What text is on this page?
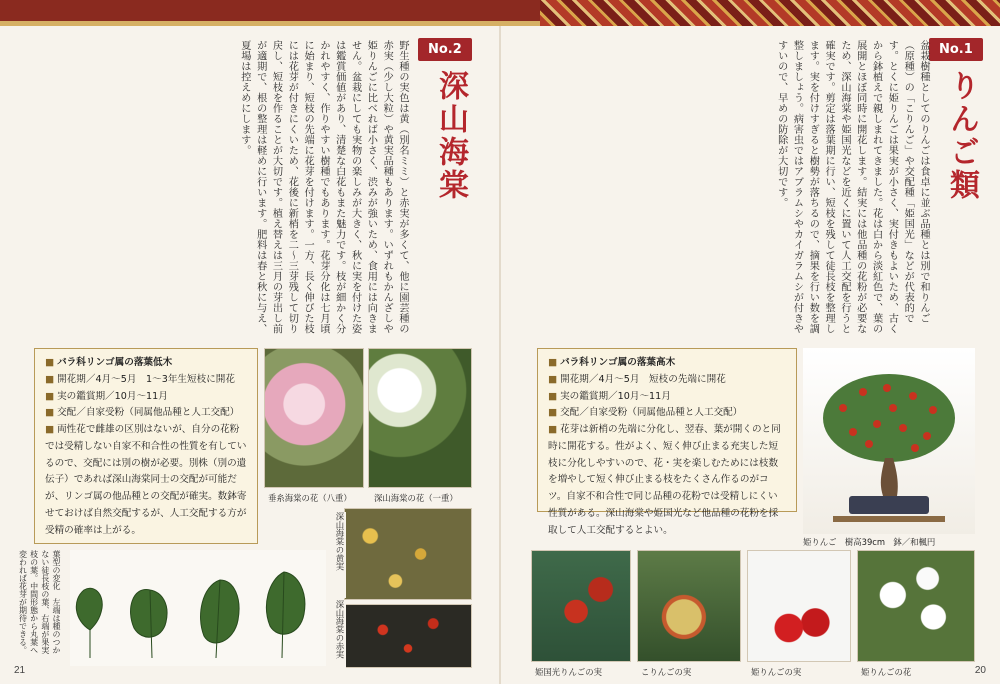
No.2
深山海棠
野生種の実色は黄（別名ミミ）と赤実が多くて、他に園芸種の赤実（少し大粒）や黄実品種もあります。いずれもかんざしや姫りんごに比べれば小さく、渋みが強いため、食用には向きません。盆栽にしても実物の楽しみが大きく、秋に実を付けた姿は鑑賞価値があり、清楚な白花もまた魅力です。枝が細かく分かれやすく、作りやすい樹種でもあります。花芽分化は七月頃に始まり、短枝の先端に花芽を付けます。一方、長く伸びた枝には花芽が付きにくいため、花後に新梢を二〜三芽残して切り戻し、短枝を作ることが大切です。植え替えは三月の芽出し前が適期で、根の整理は軽めに行います。肥料は春と秋に与え、夏場は控えめにします。
■ バラ科リンゴ属の落葉低木
■ 開花期／4月〜5月　1〜3年生短枝に開花
■ 実の鑑賞期／10月〜11月
■ 交配／自家受粉（同属他品種と人工交配）
■ 両性花で雌雄の区別はないが、自分の花粉では受精しない自家不和合性の性質を有しているので、交配には別の樹が必要。別株（別の遺伝子）であれば深山海棠同士の交配が可能だが、リンゴ属の他品種との交配が確実。数鉢寄せておけば自然交配するが、人工交配する方が受精の確率は上がる。
垂糸海棠の花（八重）	深山海棠の花（一重）
深山海棠の黄実
深山海棠の赤実
葉型の変化　左端は種のつかない徒長枝の葉、右端が果実枝の葉。中間形態から丸葉へ変われば花芽が期待できる。
21
No.1
りんご類
盆栽樹種としてのりんごは食卓に並ぶ品種とは別で和りんご（原種）の「こりんご」や交配種「姫国光」などが代表的です。とくに姫りんごは果実が小さく、実付きもよいため、古くから鉢植えで親しまれてきました。花は白から淡紅色で、葉の展開とほぼ同時に開花します。結実には他品種の花粉が必要なため、深山海棠や姫国光などを近くに置いて人工交配を行うと確実です。剪定は落葉期に行い、短枝を残して徒長枝を整理します。実を付けすぎると樹勢が落ちるので、摘果を行い数を調整しましょう。病害虫ではアブラムシやカイガラムシが付きやすいので、早めの防除が大切です。
■ バラ科リンゴ属の落葉高木
■ 開花期／4月〜5月　短枝の先端に開花
■ 実の鑑賞期／10月〜11月
■ 交配／自家受粉（同属他品種と人工交配）
■ 花芽は新梢の先端に分化し、翌春、葉が開くのと同時に開花する。性がよく、短く伸び止まる充実した短枝に分化しやすいので、花・実を楽しむためには枝数を増やして短く伸び止まる枝をたくさん作るのがコツ。自家不和合性で同じ品種の花粉では受精しにくい性質がある。深山海棠や姫国光など他品種の花粉を採取して人工交配するとよい。
姫りんご　樹高39cm　鉢／和楓円
姫国光りんごの実	こりんごの実	姫りんごの実	姫りんごの花	20
